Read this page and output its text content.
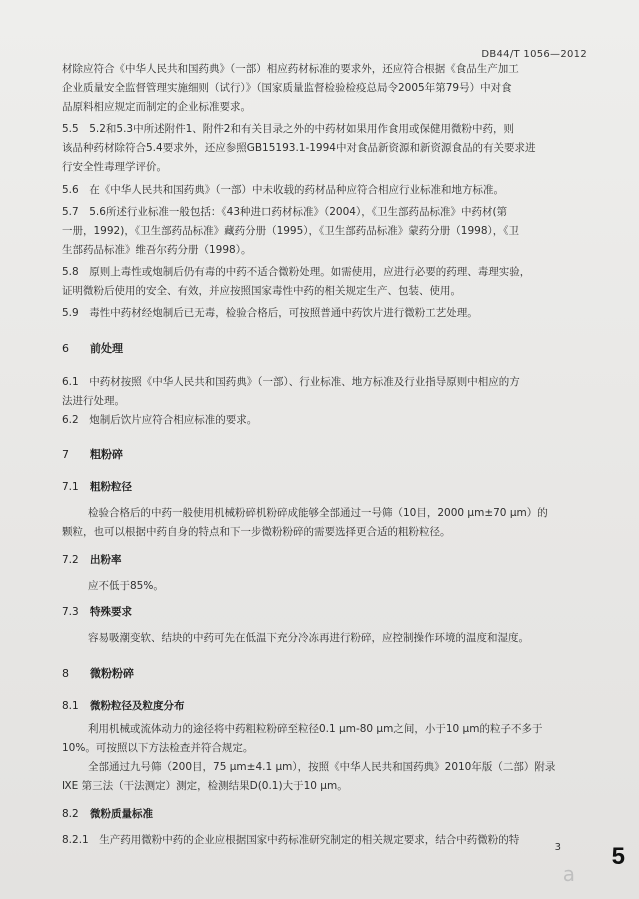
DB44/T 1056—2012
材除应符合《中华人民共和国药典》（一部）相应药材标准的要求外，还应符合根据《食品生产加工
企业质量安全监督管理实施细则（试行）》（国家质量监督检验检疫总局令2005年第79号）中对食
品原料相应规定而制定的企业标准要求。
5.5　5.2和5.3中所述附件1、附件2和有关目录之外的中药材如果用作食用或保健用微粉中药，则
该品种药材除符合5.4要求外，还应参照GB15193.1-1994中对食品新资源和新资源食品的有关要求进
行安全性毒理学评价。
5.6　在《中华人民共和国药典》（一部）中未收载的药材品种应符合相应行业标准和地方标准。
5.7　5.6所述行业标准一般包括：《43种进口药材标准》（2004），《卫生部药品标准》中药材(第
一册，1992)，《卫生部药品标准》藏药分册（1995），《卫生部药品标准》蒙药分册（1998），《卫
生部药品标准》维吾尔药分册（1998）。
5.8　原则上毒性或炮制后仍有毒的中药不适合微粉处理。如需使用，应进行必要的药理、毒理实验，
证明微粉后使用的安全、有效，并应按照国家毒性中药的相关规定生产、包装、使用。
5.9　毒性中药材经炮制后已无毒，检验合格后，可按照普通中药饮片进行微粉工艺处理。
6 前处理
6.1　中药材按照《中华人民共和国药典》（一部）、行业标准、地方标准及行业指导原则中相应的方
法进行处理。
6.2　炮制后饮片应符合相应标准的要求。
7 粗粉碎
7.1 粗粉粒径
检验合格后的中药一般使用机械粉碎机粉碎成能够全部通过一号筛（10目，2000 μm±70 μm）的
颗粒，也可以根据中药自身的特点和下一步微粉粉碎的需要选择更合适的粗粉粒径。
7.2 出粉率
应不低于85%。
7.3 特殊要求
容易吸潮变软、结块的中药可先在低温下充分冷冻再进行粉碎，应控制操作环境的温度和湿度。
8 微粉粉碎
8.1 微粉粒径及粒度分布
利用机械或流体动力的途径将中药粗粒粉碎至粒径0.1 μm-80 μm之间，小于10 μm的粒子不多于
10%。可按照以下方法检查并符合规定。
全部通过九号筛（200目，75 μm±4.1 μm），按照《中华人民共和国药典》2010年版（二部）附录
ⅨE 第三法（干法测定）测定，检测结果D(0.1)大于10 μm。
8.2 微粉质量标准
8.2.1　生产药用微粉中药的企业应根据国家中药标准研究制定的相关规定要求，结合中药微粉的特
3 5
a
